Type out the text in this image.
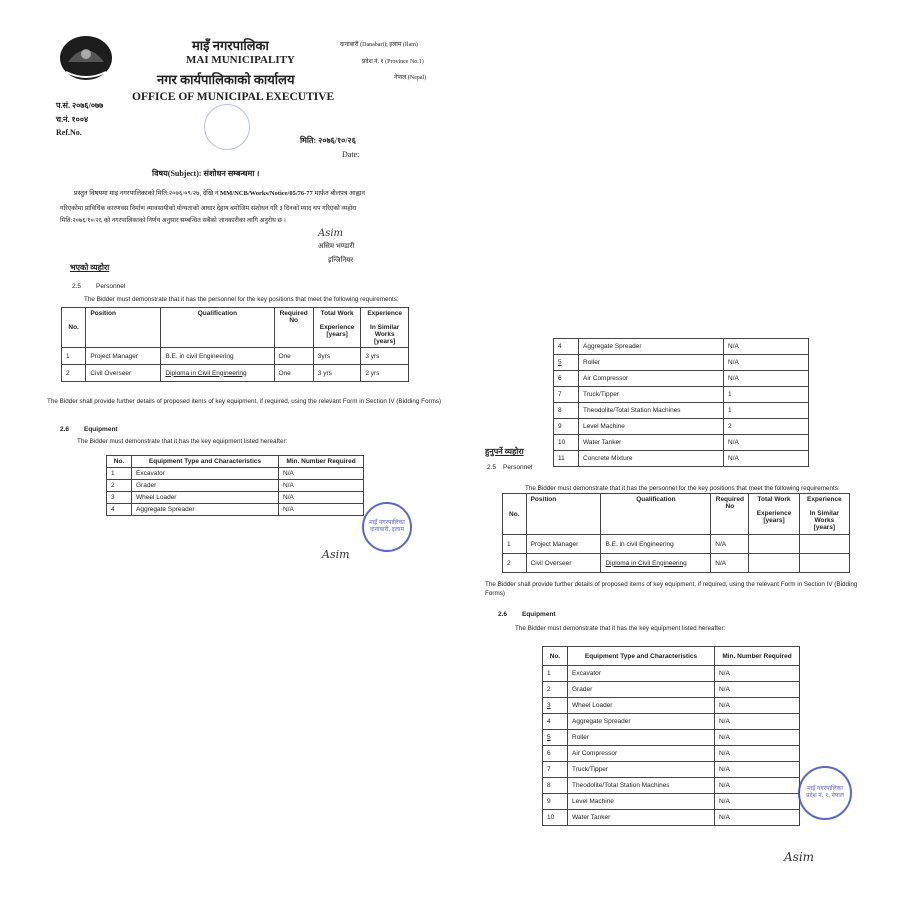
माइँ नगरपालिका
MAI MUNICIPALITY
नगर कार्यपालिकाको कार्यालय
OFFICE OF MUNICIPAL EXECUTIVE
दानाबारी (Danabari); इलाम (Ilam)
प्रदेश नं. १ (Province No.1)
नेपाल (Nepal)
प.सं. २०७६/०७७
च.नं. १००४
Ref.No.
मिति: २०७६/१०/२६
Date:
विषय(Subject): संशोधन सम्बन्धमा ।
प्रस्तुत विषयमा माइ नगरपालिकाको मिति:२०७६/०९/२७, देखि नं MM/NCB/Works/Notice/05/76-77 मार्फत बोलपत्र आह्वान
गरिएकोमा प्राविधिक कारणवस निर्माण व्यावसायीको योग्यताको आधार देहाय बमोजिम संशोधन गरि ३ दिनको म्याद थप गरिएको व्यहोरा
मिति:२०७६/१०/२६ को नगरपालिकाको निर्णय अनुसार सम्बन्धित सबैको जानकारीका लागि अनुरोध छ ।
Asim
असिम भण्डारी
इन्जिनियर
भएको व्यहोरा
2.5 Personnel
The Bidder must demonstrate that it has the personnel for the key positions that meet the following requirements:
No.	Position	Qualification	Required No	Total Work

Experience [years]	Experience

In Similar Works [years]
1	Project Manager	B.E. in civil Engineering	One	3yrs	3 yrs
2	Civil Overseer	Diploma in Civil Engineering	One	3 yrs	2 yrs
The Bidder shall provide further details of proposed items of key equipment, if required, using the relevant Form in Section IV (Bidding Forms)
2.6 Equipment
The Bidder must demonstrate that it has the key equipment listed hereafter:
No.	Equipment Type and Characteristics	Min. Number Required
1	Excavator	N/A
2	Grader	N/A
3	Wheel Loader	N/A
4	Aggregate Spreader	N/A
माइँ नगरपालिका
दानाबारी, इलाम
Asim
4	Aggregate Spreader	N/A
5	Roller	N/A
6	Air Compressor	N/A
7	Truck/Tipper	1
8	Theodolite/Total Station Machines	1
9	Level Machine	2
10	Water Tanker	N/A
11	Concrete Mixture	N/A
हुनुपर्ने व्यहोरा
2.5 Personnel
The Bidder must demonstrate that it has the personnel for the key positions that meet the following requirements:
No.	Position	Qualification	Required No	Total Work

Experience [years]	Experience

In Similar Works [years]
1	Project Manager	B.E. in civil Engineering	N/A		
2	Civil Overseer	Diploma in Civil Engineering	N/A		
The Bidder shall provide further details of proposed items of key equipment, if required, using the relevant Form in Section IV (Bidding Forms)
2.6 Equipment
The Bidder must demonstrate that it has the key equipment listed hereafter:
No.	Equipment Type and Characteristics	Min. Number Required
1	Excavator	N/A
2	Grader	N/A
3	Wheel Loader	N/A
4	Aggregate Spreader	N/A
5	Roller	N/A
6	Air Compressor	N/A
7	Truck/Tipper	N/A
8	Theodolite/Total Station Machines	N/A
9	Level Machine	N/A
10	Water Tanker	N/A
माइँ नगरपालिका
प्रदेश नं. १, नेपाल
Asim
